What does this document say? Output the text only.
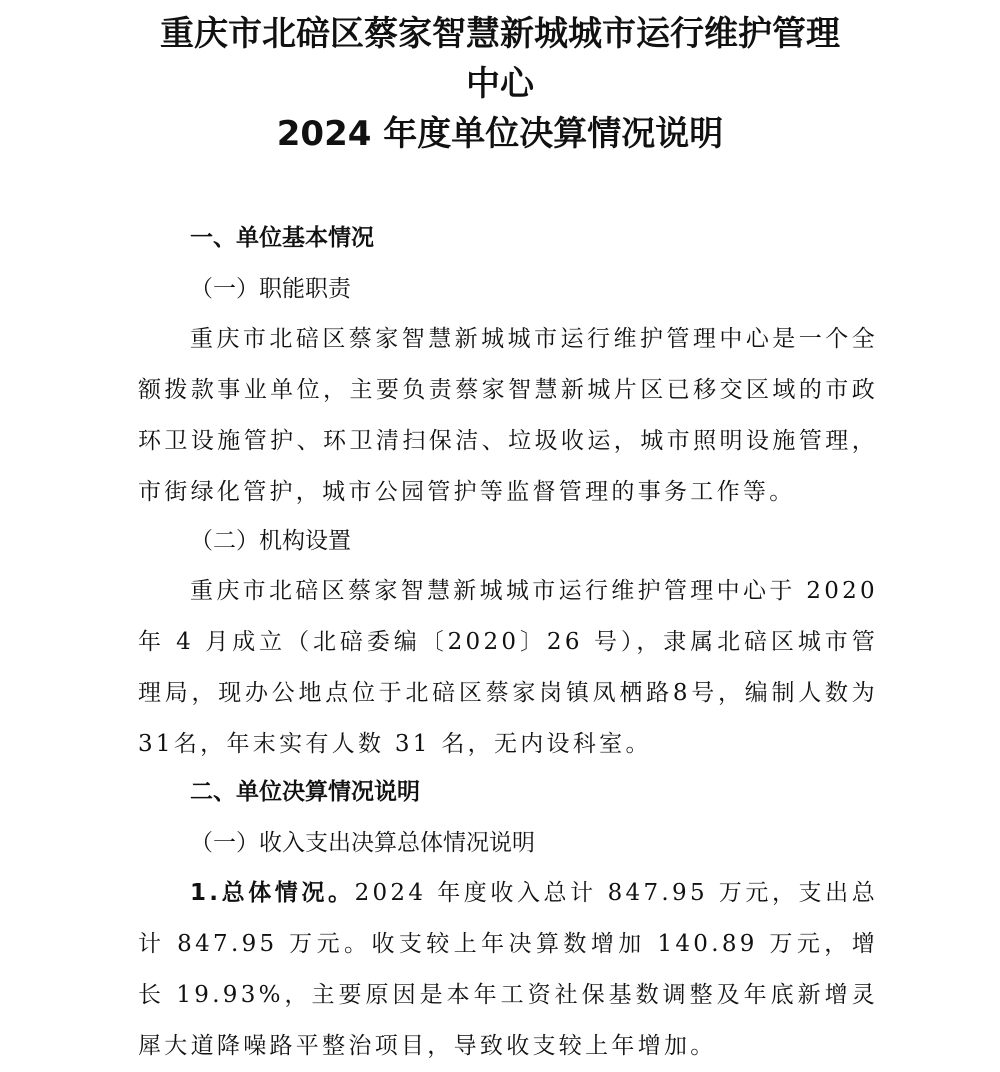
重庆市北碚区蔡家智慧新城城市运行维护管理
中心
2024 年度单位决算情况说明
一、单位基本情况
（一）职能职责
重庆市北碚区蔡家智慧新城城市运行维护管理中心是一个全额拨款事业单位，主要负责蔡家智慧新城片区已移交区域的市政环卫设施管护、环卫清扫保洁、垃圾收运，城市照明设施管理，市街绿化管护，城市公园管护等监督管理的事务工作等。
（二）机构设置
重庆市北碚区蔡家智慧新城城市运行维护管理中心于 2020 年 4 月成立（北碚委编〔2020〕26 号），隶属北碚区城市管理局，现办公地点位于北碚区蔡家岗镇凤栖路8号，编制人数为31名，年末实有人数 31 名，无内设科室。
二、单位决算情况说明
（一）收入支出决算总体情况说明
1.总体情况。2024 年度收入总计 847.95 万元，支出总计 847.95 万元。收支较上年决算数增加 140.89 万元，增长 19.93%，主要原因是本年工资社保基数调整及年底新增灵犀大道降噪路平整治项目，导致收支较上年增加。
